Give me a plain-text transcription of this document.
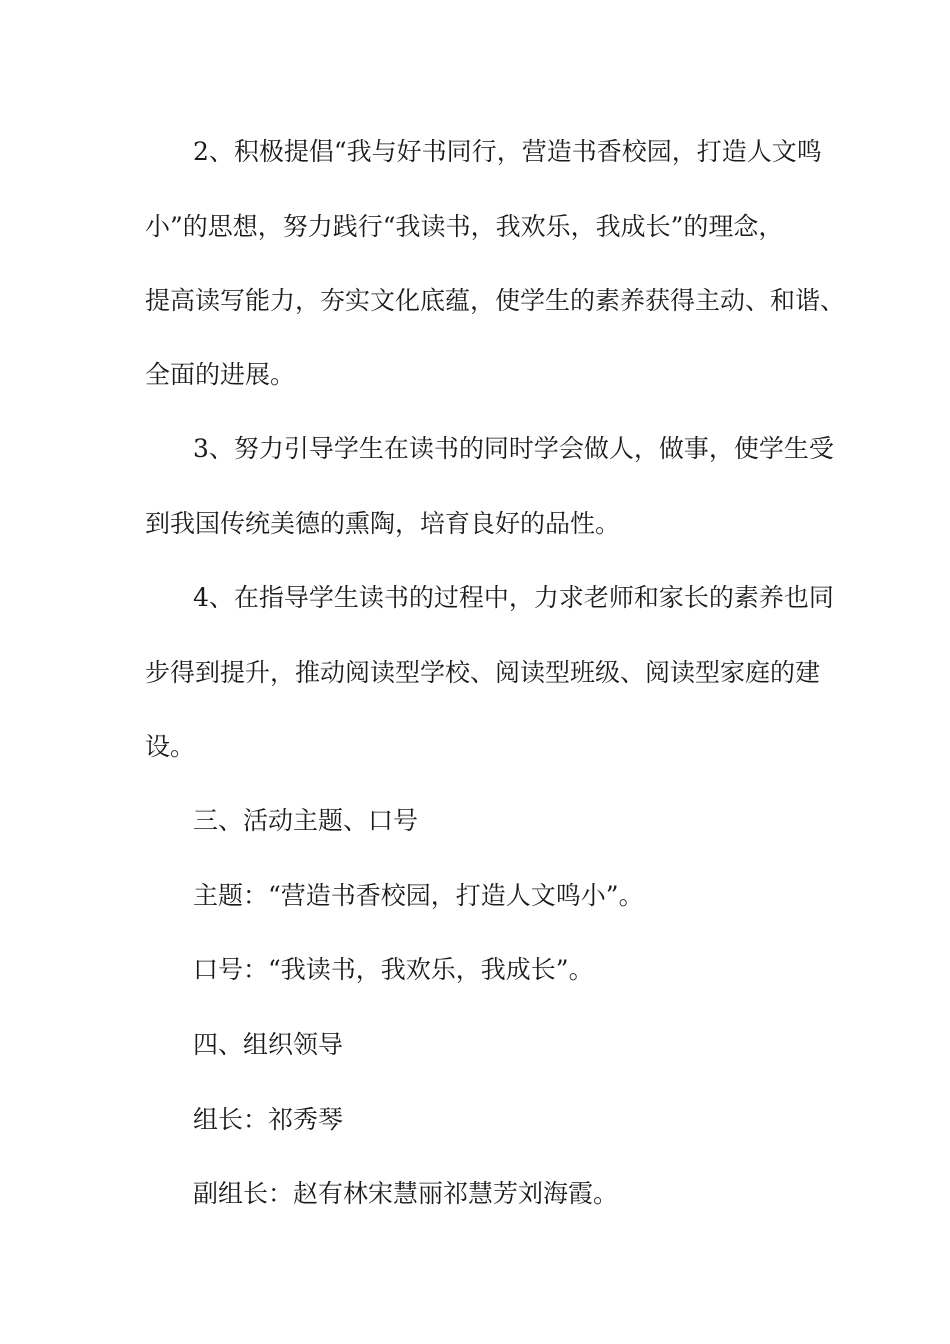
2、积极提倡“我与好书同行，营造书香校园，打造人文鸣
小”的思想，努力践行“我读书，我欢乐，我成长”的理念，
提高读写能力，夯实文化底蕴，使学生的素养获得主动、和谐、
全面的进展。
3、努力引导学生在读书的同时学会做人，做事，使学生受
到我国传统美德的熏陶，培育良好的品性。
4、在指导学生读书的过程中，力求老师和家长的素养也同
步得到提升，推动阅读型学校、阅读型班级、阅读型家庭的建
设。
三、活动主题、口号
主题：“营造书香校园，打造人文鸣小”。
口号：“我读书，我欢乐，我成长”。
四、组织领导
组长：祁秀琴
副组长：赵有林宋慧丽祁慧芳刘海霞。
